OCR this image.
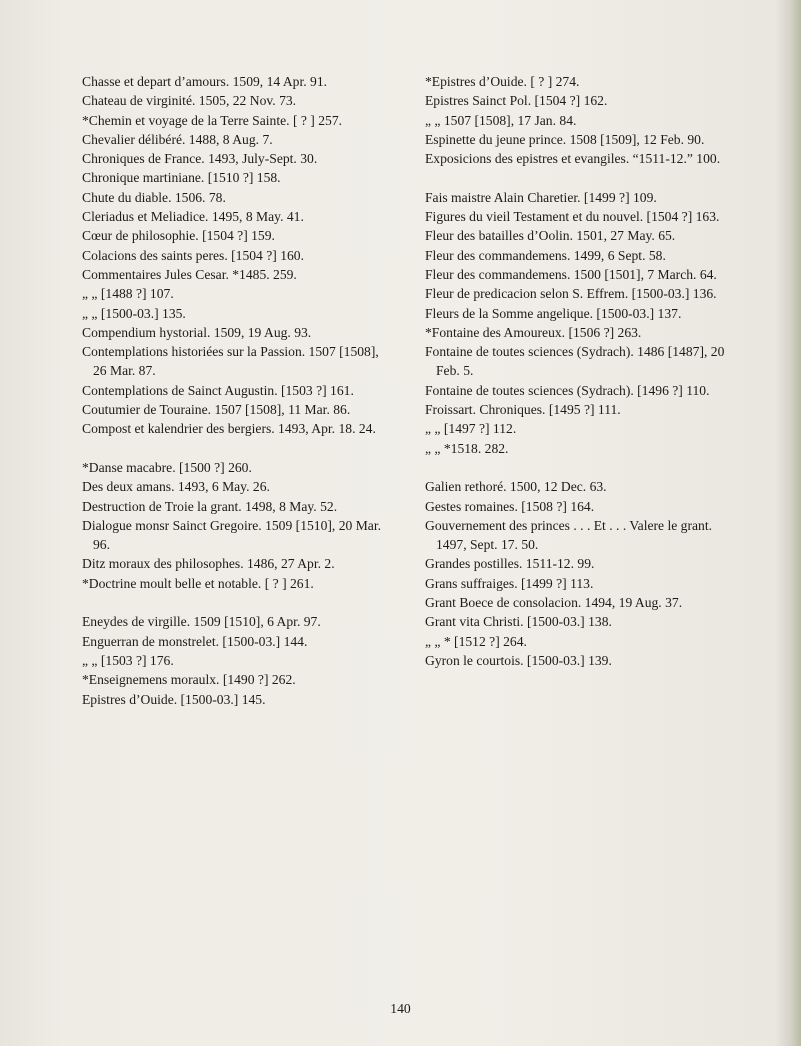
Chasse et depart d’amours. 1509, 14 Apr. 91.
Chateau de virginité. 1505, 22 Nov. 73.
*Chemin et voyage de la Terre Sainte. [ ? ] 257.
Chevalier délibéré. 1488, 8 Aug. 7.
Chroniques de France. 1493, July-Sept. 30.
Chronique martiniane. [1510 ?] 158.
Chute du diable. 1506. 78.
Cleriadus et Meliadice. 1495, 8 May. 41.
Cœur de philosophie. [1504 ?] 159.
Colacions des saints peres. [1504 ?] 160.
Commentaires Jules Cesar. *1485. 259.
„ „ [1488 ?] 107.
„ „ [1500-03.] 135.
Compendium hystorial. 1509, 19 Aug. 93.
Contemplations historiées sur la Passion. 1507 [1508], 26 Mar. 87.
Contemplations de Sainct Augustin. [1503 ?] 161.
Coutumier de Touraine. 1507 [1508], 11 Mar. 86.
Compost et kalendrier des bergiers. 1493, Apr. 18. 24.
*Danse macabre. [1500 ?] 260.
Des deux amans. 1493, 6 May. 26.
Destruction de Troie la grant. 1498, 8 May. 52.
Dialogue monsr Sainct Gregoire. 1509 [1510], 20 Mar. 96.
Ditz moraux des philosophes. 1486, 27 Apr. 2.
*Doctrine moult belle et notable. [ ? ] 261.
Eneydes de virgille. 1509 [1510], 6 Apr. 97.
Enguerran de monstrelet. [1500-03.] 144.
„ „ [1503 ?] 176.
*Enseignemens moraulx. [1490 ?] 262.
Epistres d’Ouide. [1500-03.] 145.
*Epistres d’Ouide. [ ? ] 274.
Epistres Sainct Pol. [1504 ?] 162.
„ „ 1507 [1508], 17 Jan. 84.
Espinette du jeune prince. 1508 [1509], 12 Feb. 90.
Exposicions des epistres et evangiles. “1511-12.” 100.
Fais maistre Alain Charetier. [1499 ?] 109.
Figures du vieil Testament et du nouvel. [1504 ?] 163.
Fleur des batailles d’Oolin. 1501, 27 May. 65.
Fleur des commandemens. 1499, 6 Sept. 58.
Fleur des commandemens. 1500 [1501], 7 March. 64.
Fleur de predicacion selon S. Effrem. [1500-03.] 136.
Fleurs de la Somme angelique. [1500-03.] 137.
*Fontaine des Amoureux. [1506 ?] 263.
Fontaine de toutes sciences (Sydrach). 1486 [1487], 20 Feb. 5.
Fontaine de toutes sciences (Sydrach). [1496 ?] 110.
Froissart. Chroniques. [1495 ?] 111.
„ „ [1497 ?] 112.
„ „ *1518. 282.
Galien rethoré. 1500, 12 Dec. 63.
Gestes romaines. [1508 ?] 164.
Gouvernement des princes . . . Et . . . Valere le grant. 1497, Sept. 17. 50.
Grandes postilles. 1511-12. 99.
Grans suffraiges. [1499 ?] 113.
Grant Boece de consolacion. 1494, 19 Aug. 37.
Grant vita Christi. [1500-03.] 138.
„ „ * [1512 ?] 264.
Gyron le courtois. [1500-03.] 139.
140
